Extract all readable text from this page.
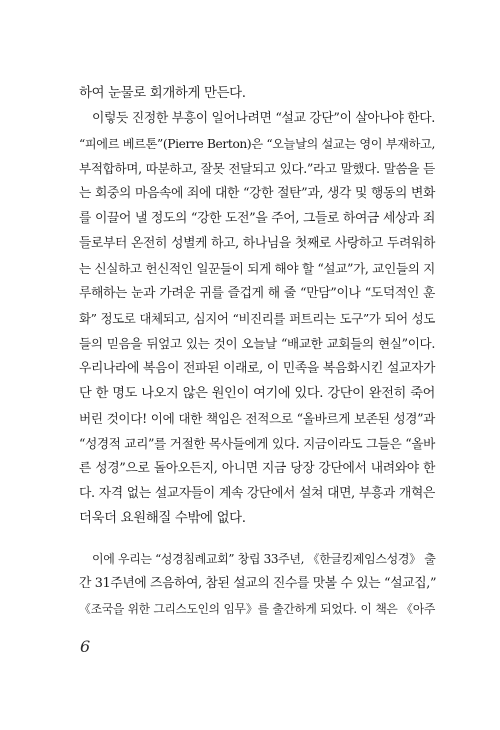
하여 눈물로 회개하게 만든다.
이렇듯 진정한 부흥이 일어나려면 “설교 강단”이 살아나야 한다.
“피에르 베르톤”(Pierre Berton)은 “오늘날의 설교는 영이 부재하고,
부적합하며, 따분하고, 잘못 전달되고 있다.”라고 말했다. 말씀을 듣
는 회중의 마음속에 죄에 대한 “강한 절탄”과, 생각 및 행동의 변화
를 이끌어 낼 정도의 “강한 도전”을 주어, 그들로 하여금 세상과 죄
들로부터 온전히 성별케 하고, 하나님을 첫째로 사랑하고 두려워하
는 신실하고 헌신적인 일꾼들이 되게 해야 할 “설교”가, 교인들의 지
루해하는 눈과 가려운 귀를 즐겁게 해 줄 “만담”이나 “도덕적인 훈
화” 정도로 대체되고, 심지어 “비진리를 퍼트리는 도구”가 되어 성도
들의 믿음을 뒤엎고 있는 것이 오늘날 “배교한 교회들의 현실”이다.
우리나라에 복음이 전파된 이래로, 이 민족을 복음화시킨 설교자가
단 한 명도 나오지 않은 원인이 여기에 있다. 강단이 완전히 죽어
버린 것이다! 이에 대한 책임은 전적으로 “올바르게 보존된 성경”과
“성경적 교리”를 거절한 목사들에게 있다. 지금이라도 그들은 “올바
른 성경”으로 돌아오든지, 아니면 지금 당장 강단에서 내려와야 한
다. 자격 없는 설교자들이 계속 강단에서 설쳐 대면, 부흥과 개혁은
더욱더 요원해질 수밖에 없다.
이에 우리는 “성경침례교회” 창립 33주년, 《한글킹제임스성경》 출
간 31주년에 즈음하여, 참된 설교의 진수를 맛볼 수 있는 “설교집,”
《조국을 위한 그리스도인의 임무》를 출간하게 되었다. 이 책은 《아주
6
